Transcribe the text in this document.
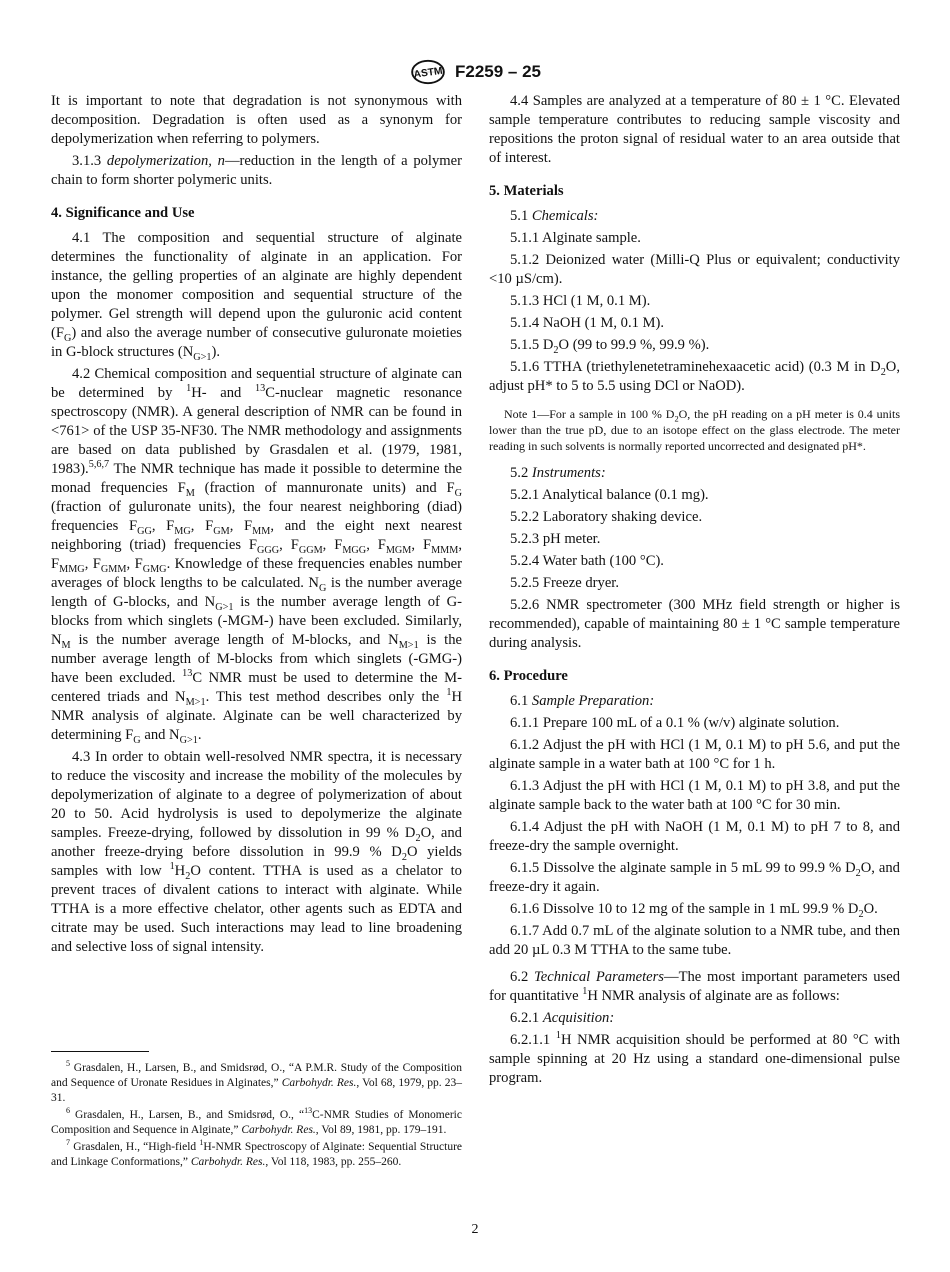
ASTM F2259 – 25

It is important to note that degradation is not synonymous with decomposition. Degradation is often used as a synonym for depolymerization when referring to polymers.

3.1.3 depolymerization, n—reduction in the length of a polymer chain to form shorter polymeric units.

4. Significance and Use

4.1 The composition and sequential structure of alginate determines the functionality of alginate in an application. For instance, the gelling properties of an alginate are highly dependent upon the monomer composition and sequential structure of the polymer. Gel strength will depend upon the guluronic acid content $(F_G)$ and also the average number of consecutive guluronate moieties in G-block structures $(N_{G>1})$.

4.2 Chemical composition and sequential structure of alginate can be determined by $^1$H- and $^{13}$C-nuclear magnetic resonance spectroscopy (NMR). A general description of NMR can be found in <761> of the USP 35-NF30. The NMR methodology and assignments are based on data published by Grasdalen et al. (1979, 1981, 1983).$^{5,6,7}$ The NMR technique has made it possible to determine the monad frequencies $F_M$ (fraction of mannuronate units) and $F_G$ (fraction of guluronate units), the four nearest neighboring (diad) frequencies $F_{GG}$, $F_{MG}$, $F_{GM}$, $F_{MM}$, and the eight next nearest neighboring (triad) frequencies $F_{GGG}$, $F_{GGM}$, $F_{MGG}$, $F_{MGM}$, $F_{MMM}$, $F_{MMG}$, $F_{GMM}$, $F_{GMG}$. Knowledge of these frequencies enables number averages of block lengths to be calculated. $N_G$ is the number average length of G-blocks, and $N_{G>1}$ is the number average length of G-blocks from which singlets (-MGM-) have been excluded. Similarly, $N_M$ is the number average length of M-blocks, and $N_{M>1}$ is the number average length of M-blocks from which singlets (-GMG-) have been excluded. $^{13}$C NMR must be used to determine the M-centered triads and $N_{M>1}$. This test method describes only the $^1$H NMR analysis of alginate. Alginate can be well characterized by determining $F_G$ and $N_{G>1}$.

4.3 In order to obtain well-resolved NMR spectra, it is necessary to reduce the viscosity and increase the mobility of the molecules by depolymerization of alginate to a degree of polymerization of about 20 to 50. Acid hydrolysis is used to depolymerize the alginate samples. Freeze-drying, followed by dissolution in 99 % $D_2O$, and another freeze-drying before dissolution in 99.9 % $D_2O$ yields samples with low $^1H_2O$ content. TTHA is used as a chelator to prevent traces of divalent cations to interact with alginate. While TTHA is a more effective chelator, other agents such as EDTA and citrate may be used. Such interactions may lead to line broadening and selective loss of signal intensity.

$^5$ Grasdalen, H., Larsen, B., and Smidsrød, O., “A P.M.R. Study of the Composition and Sequence of Uronate Residues in Alginates,” Carbohydr. Res., Vol 68, 1979, pp. 23–31.

$^6$ Grasdalen, H., Larsen, B., and Smidsrød, O., “$^{13}$C-NMR Studies of Monomeric Composition and Sequence in Alginate,” Carbohydr. Res., Vol 89, 1981, pp. 179–191.

$^7$ Grasdalen, H., “High-field $^1$H-NMR Spectroscopy of Alginate: Sequential Structure and Linkage Conformations,” Carbohydr. Res., Vol 118, 1983, pp. 255–260.

4.4 Samples are analyzed at a temperature of 80 ± 1 °C. Elevated sample temperature contributes to reducing sample viscosity and repositions the proton signal of residual water to an area outside that of interest.

5. Materials

5.1 Chemicals:

5.1.1 Alginate sample.

5.1.2 Deionized water (Milli-Q Plus or equivalent; conductivity <10 µS/cm).

5.1.3 HCl (1 M, 0.1 M).

5.1.4 NaOH (1 M, 0.1 M).

5.1.5 $D_2O$ (99 to 99.9 %, 99.9 %).

5.1.6 TTHA (triethylenetetraminehexaacetic acid) (0.3 M in $D_2O$, adjust pH* to 5 to 5.5 using DCl or NaOD).

Note 1—For a sample in 100 % $D_2O$, the pH reading on a pH meter is 0.4 units lower than the true pD, due to an isotope effect on the glass electrode. The meter reading in such solvents is normally reported uncorrected and designated pH*.

5.2 Instruments:

5.2.1 Analytical balance (0.1 mg).

5.2.2 Laboratory shaking device.

5.2.3 pH meter.

5.2.4 Water bath (100 °C).

5.2.5 Freeze dryer.

5.2.6 NMR spectrometer (300 MHz field strength or higher is recommended), capable of maintaining 80 ± 1 °C sample temperature during analysis.

6. Procedure

6.1 Sample Preparation:

6.1.1 Prepare 100 mL of a 0.1 % (w/v) alginate solution.

6.1.2 Adjust the pH with HCl (1 M, 0.1 M) to pH 5.6, and put the alginate sample in a water bath at 100 °C for 1 h.

6.1.3 Adjust the pH with HCl (1 M, 0.1 M) to pH 3.8, and put the alginate sample back to the water bath at 100 °C for 30 min.

6.1.4 Adjust the pH with NaOH (1 M, 0.1 M) to pH 7 to 8, and freeze-dry the sample overnight.

6.1.5 Dissolve the alginate sample in 5 mL 99 to 99.9 % $D_2O$, and freeze-dry it again.

6.1.6 Dissolve 10 to 12 mg of the sample in 1 mL 99.9 % $D_2O$.

6.1.7 Add 0.7 mL of the alginate solution to a NMR tube, and then add 20 µL 0.3 M TTHA to the same tube.

6.2 Technical Parameters—The most important parameters used for quantitative $^1$H NMR analysis of alginate are as follows:

6.2.1 Acquisition:

6.2.1.1 $^1$H NMR acquisition should be performed at 80 °C with sample spinning at 20 Hz using a standard one-dimensional pulse program.

2
